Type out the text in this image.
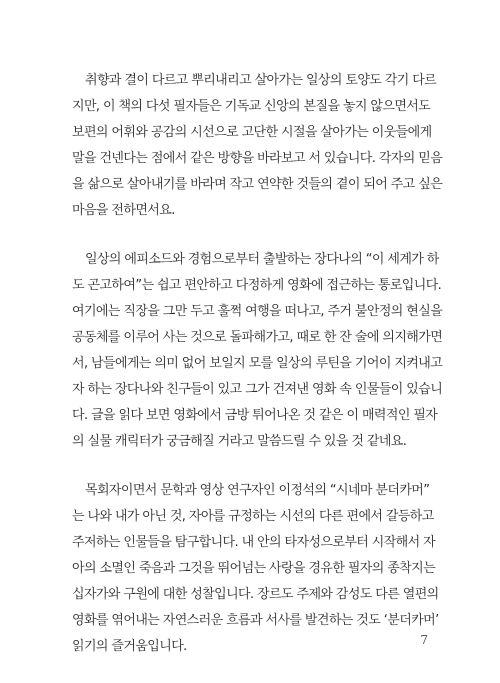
취향과 결이 다르고 뿌리내리고 살아가는 일상의 토양도 각기 다르
지만, 이 책의 다섯 필자들은 기독교 신앙의 본질을 놓지 않으면서도
보편의 어휘와 공감의 시선으로 고단한 시절을 살아가는 이웃들에게
말을 건넨다는 점에서 같은 방향을 바라보고 서 있습니다. 각자의 믿음
을 삶으로 살아내기를 바라며 작고 연약한 것들의 곁이 되어 주고 싶은
마음을 전하면서요.

일상의 에피소드와 경험으로부터 출발하는 장다나의 “이 세계가 하
도 곤고하여”는 쉽고 편안하고 다정하게 영화에 접근하는 통로입니다.
여기에는 직장을 그만 두고 훌쩍 여행을 떠나고, 주거 불안정의 현실을
공동체를 이루어 사는 것으로 돌파해가고, 때로 한 잔 술에 의지해가면
서, 남들에게는 의미 없어 보일지 모를 일상의 루틴을 기어이 지켜내고
자 하는 장다나와 친구들이 있고 그가 건져낸 영화 속 인물들이 있습니
다. 글을 읽다 보면 영화에서 금방 튀어나온 것 같은 이 매력적인 필자
의 실물 캐릭터가 궁금해질 거라고 말씀드릴 수 있을 것 같네요.

목회자이면서 문학과 영상 연구자인 이정석의 “시네마 분더카머”
는 나와 내가 아닌 것, 자아를 규정하는 시선의 다른 편에서 갈등하고
주저하는 인물들을 탐구합니다. 내 안의 타자성으로부터 시작해서 자
아의 소멸인 죽음과 그것을 뛰어넘는 사랑을 경유한 필자의 종착지는
십자가와 구원에 대한 성찰입니다. 장르도 주제와 감성도 다른 열편의
영화를 엮어내는 자연스러운 흐름과 서사를 발견하는 것도 ‘분더카머’
읽기의 즐거움입니다.	7
